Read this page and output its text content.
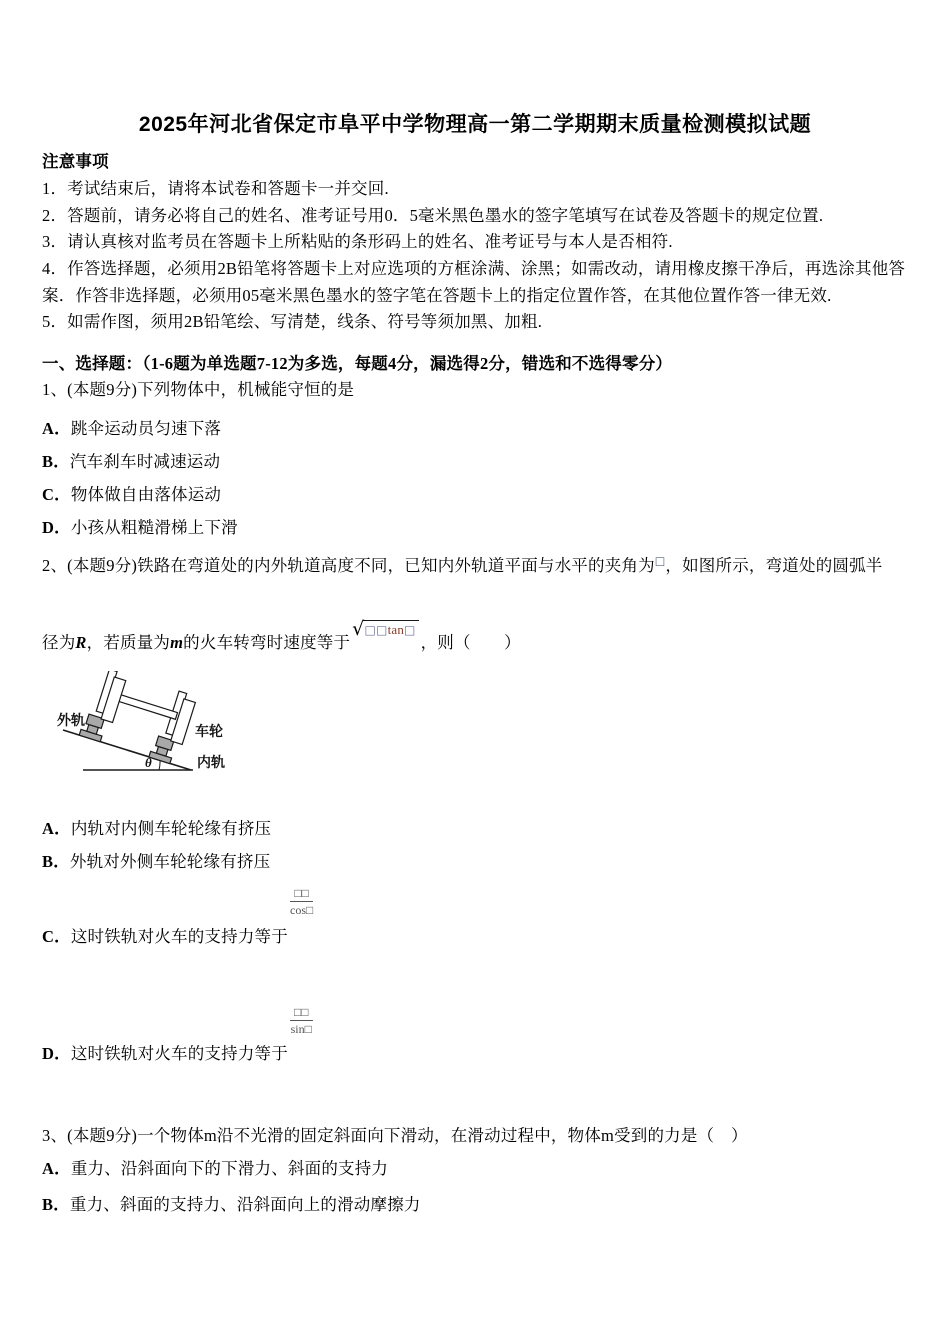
2025年河北省保定市阜平中学物理高一第二学期期末质量检测模拟试题
注意事项
1．考试结束后，请将本试卷和答题卡一并交回.
2．答题前，请务必将自己的姓名、准考证号用0．5毫米黑色墨水的签字笔填写在试卷及答题卡的规定位置.
3．请认真核对监考员在答题卡上所粘贴的条形码上的姓名、准考证号与本人是否相符.
4．作答选择题，必须用2B铅笔将答题卡上对应选项的方框涂满、涂黑；如需改动，请用橡皮擦干净后，再选涂其他答案．作答非选择题，必须用05毫米黑色墨水的签字笔在答题卡上的指定位置作答，在其他位置作答一律无效.
5．如需作图，须用2B铅笔绘、写清楚，线条、符号等须加黑、加粗.
一、选择题：（1-6题为单选题7-12为多选，每题4分，漏选得2分，错选和不选得零分）
1、(本题9分)下列物体中，机械能守恒的是
A．跳伞运动员匀速下落
B．汽车刹车时减速运动
C．物体做自由落体运动
D．小孩从粗糙滑梯上下滑
2、(本题9分)铁路在弯道处的内外轨道高度不同，已知内外轨道平面与水平的夹角为□，如图所示，弯道处的圆弧半
径为R，若质量为m的火车转弯时速度等于
√ □□tan□
，则（　　）
外轨
车轮
内轨
θ
A．内轨对内侧车轮轮缘有挤压
B．外轨对外侧车轮轮缘有挤压
□□
cos□
C．这时铁轨对火车的支持力等于
□□
sin□
D．这时铁轨对火车的支持力等于
3、(本题9分)一个物体m沿不光滑的固定斜面向下滑动，在滑动过程中，物体m受到的力是（　）
A．重力、沿斜面向下的下滑力、斜面的支持力
B．重力、斜面的支持力、沿斜面向上的滑动摩擦力
